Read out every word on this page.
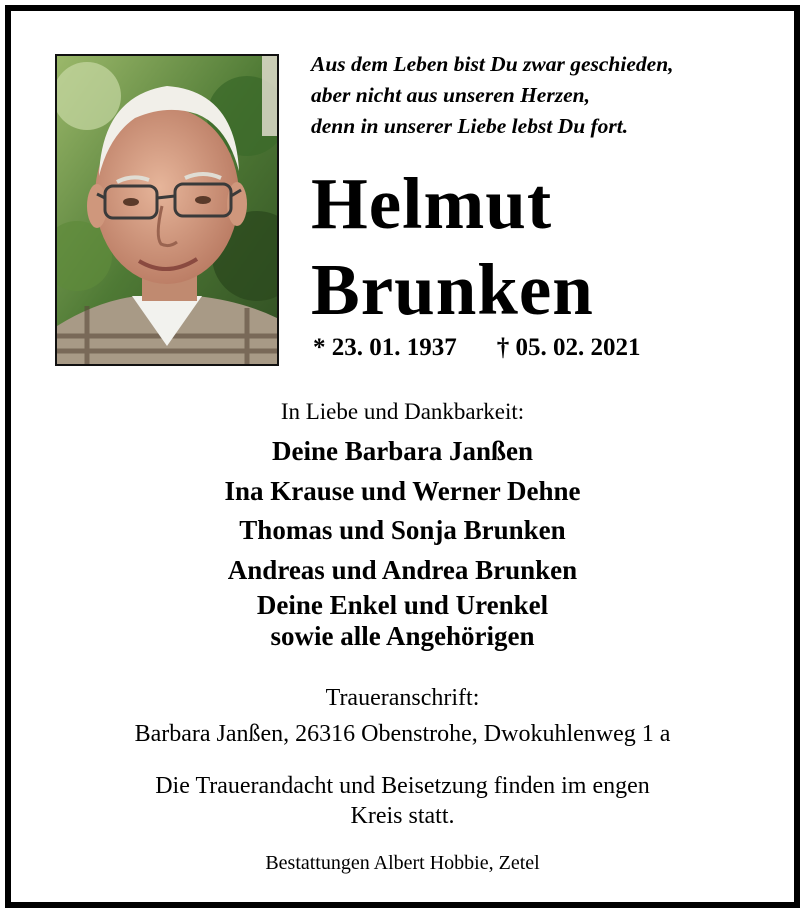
Aus dem Leben bist Du zwar geschieden,
aber nicht aus unseren Herzen,
denn in unserer Liebe lebst Du fort.
Helmut
Brunken
* 23. 01. 1937 † 05. 02. 2021
In Liebe und Dankbarkeit:
Deine Barbara Janßen
Ina Krause und Werner Dehne
Thomas und Sonja Brunken
Andreas und Andrea Brunken
Deine Enkel und Urenkel
sowie alle Angehörigen
Traueranschrift:
Barbara Janßen, 26316 Obenstrohe, Dwokuhlenweg 1 a
Die Trauerandacht und Beisetzung finden im engen
Kreis statt.
Bestattungen Albert Hobbie, Zetel
